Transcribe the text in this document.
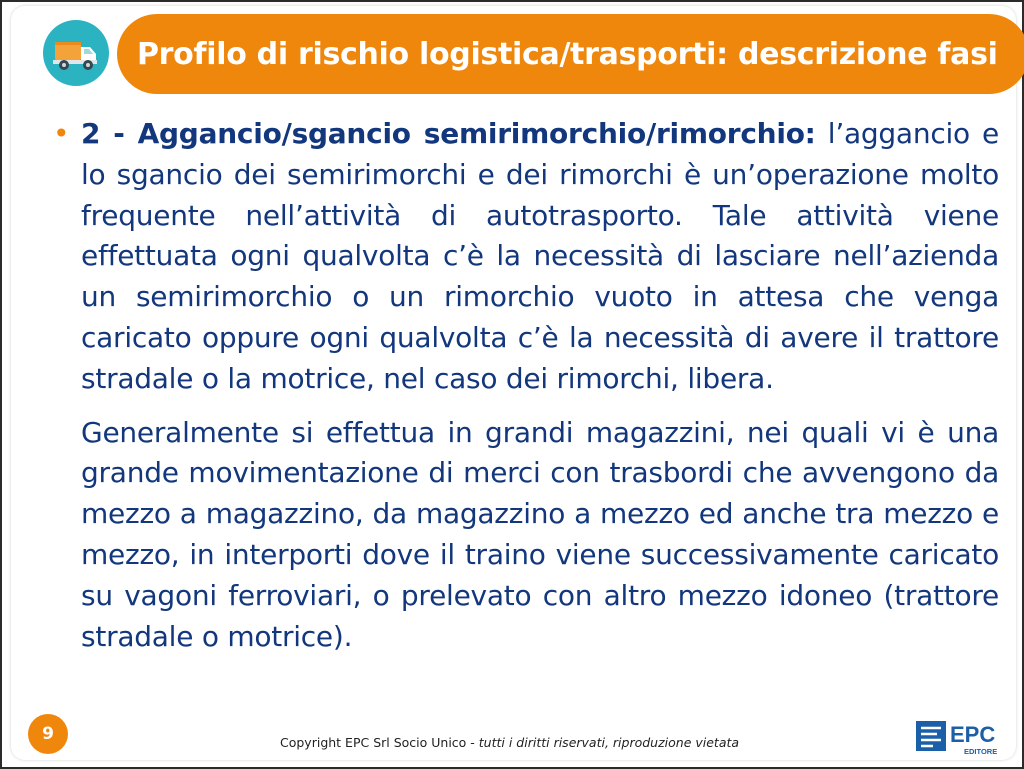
Profilo di rischio logistica/trasporti: descrizione fasi

• 2 - Aggancio/sgancio semirimorchio/rimorchio: l’aggancio e lo sgancio dei semirimorchi e dei rimorchi è un’operazione molto frequente nell’attività di autotrasporto. Tale attività viene effettuata ogni qualvolta c’è la necessità di lasciare nell’azienda un semirimorchio o un rimorchio vuoto in attesa che venga caricato oppure ogni qualvolta c’è la necessità di avere il trattore stradale o la motrice, nel caso dei rimorchi, libera.

Generalmente si effettua in grandi magazzini, nei quali vi è una grande movimentazione di merci con trasbordi che avvengono da mezzo a magazzino, da magazzino a mezzo ed anche tra mezzo e mezzo, in interporti dove il traino viene successivamente caricato su vagoni ferroviari, o prelevato con altro mezzo idoneo (trattore stradale o motrice).

9	Copyright EPC Srl Socio Unico - tutti i diritti riservati, riproduzione vietata	EPC
EDITORE
